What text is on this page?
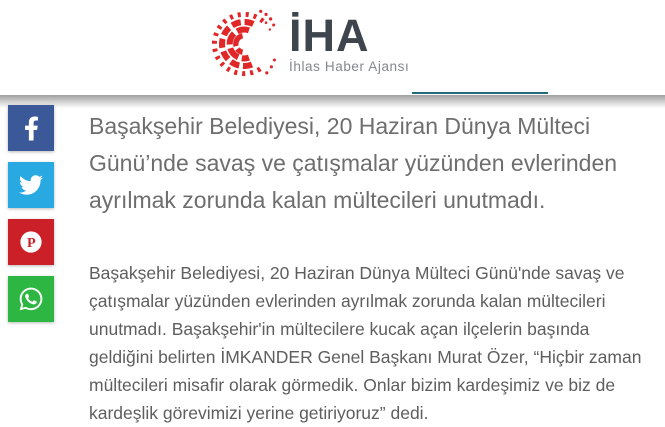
İHA
İhlas Haber Ajansı
P
Başakşehir Belediyesi, 20 Haziran Dünya Mülteci Günü’nde savaş ve çatışmalar yüzünden evlerinden ayrılmak zorunda kalan mültecileri unutmadı.

Başakşehir Belediyesi, 20 Haziran Dünya Mülteci Günü'nde savaş ve çatışmalar yüzünden evlerinden ayrılmak zorunda kalan mültecileri unutmadı. Başakşehir'in mültecilere kucak açan ilçelerin başında geldiğini belirten İMKANDER Genel Başkanı Murat Özer, “Hiçbir zaman mültecileri misafir olarak görmedik. Onlar bizim kardeşimiz ve biz de kardeşlik görevimizi yerine getiriyoruz” dedi.
